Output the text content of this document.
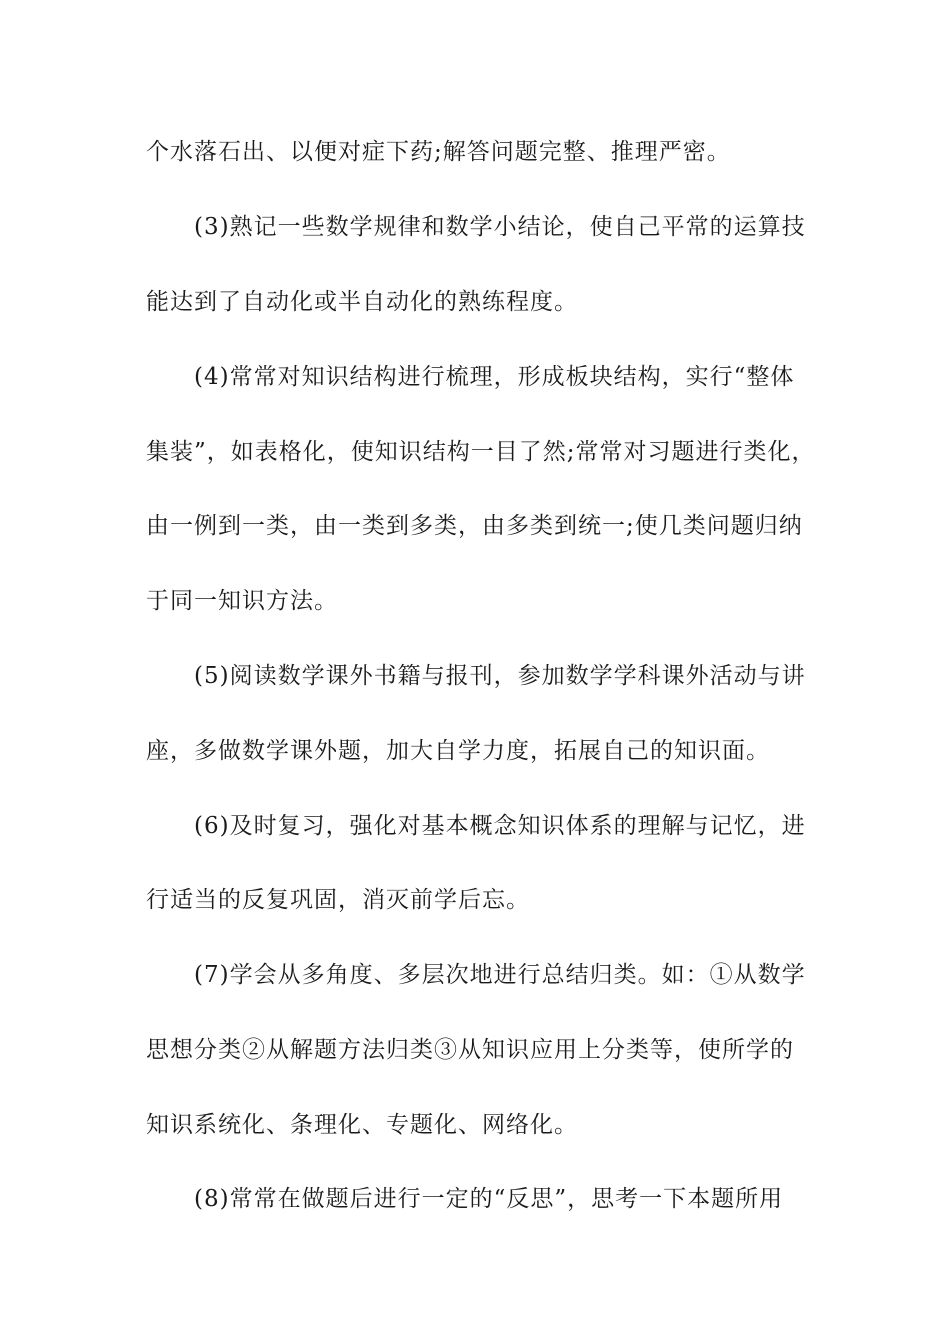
个水落石出、以便对症下药;解答问题完整、推理严密。
(3)熟记一些数学规律和数学小结论，使自己平常的运算技
能达到了自动化或半自动化的熟练程度。
(4)常常对知识结构进行梳理，形成板块结构，实行“整体
集装”，如表格化，使知识结构一目了然;常常对习题进行类化，
由一例到一类，由一类到多类，由多类到统一;使几类问题归纳
于同一知识方法。
(5)阅读数学课外书籍与报刊，参加数学学科课外活动与讲
座，多做数学课外题，加大自学力度，拓展自己的知识面。
(6)及时复习，强化对基本概念知识体系的理解与记忆，进
行适当的反复巩固，消灭前学后忘。
(7)学会从多角度、多层次地进行总结归类。如：①从数学
思想分类②从解题方法归类③从知识应用上分类等，使所学的
知识系统化、条理化、专题化、网络化。
(8)常常在做题后进行一定的“反思”，思考一下本题所用
